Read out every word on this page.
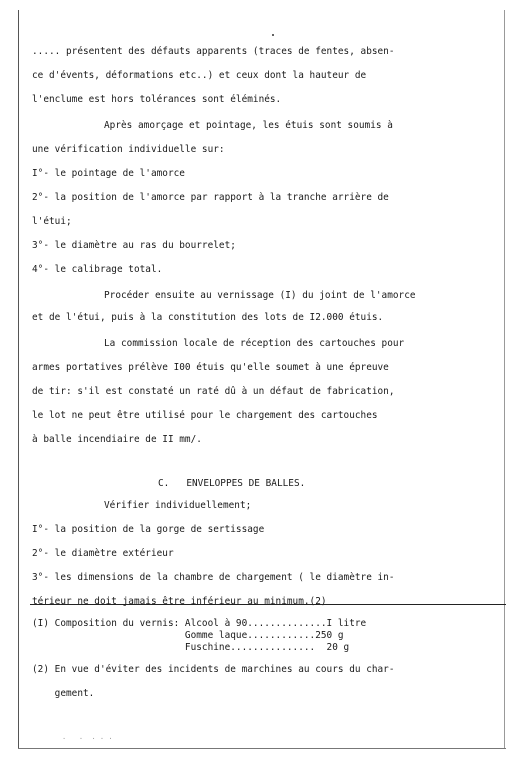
..... présentent des défauts apparents (traces de fentes, absen-
ce d'évents, déformations etc..) et ceux dont la hauteur de
l'enclume est hors tolérances sont éléminés.
Après amorçage et pointage, les étuis sont soumis à
une vérification individuelle sur:
I°- le pointage de l'amorce
2°- la position de l'amorce par rapport à la tranche arrière de
l'étui;
3°- le diamètre au ras du bourrelet;
4°- le calibrage total.
Procéder ensuite au vernissage (I) du joint de l'amorce
et de l'étui, puis à la constitution des lots de I2.000 étuis.
La commission locale de réception des cartouches pour
armes portatives prélève I00 étuis qu'elle soumet à une épreuve
de tir: s'il est constaté un raté dû à un défaut de fabrication,
le lot ne peut être utilisé pour le chargement des cartouches
à balle incendiaire de II mm/.
C.   ENVELOPPES DE BALLES.
Vérifier individuellement;
I°- la position de la gorge de sertissage
2°- le diamètre extérieur
3°- les dimensions de la chambre de chargement ( le diamètre in-
térieur ne doit jamais être inférieur au minimum.(2)
(I) Composition du vernis: Alcool à 90..............I litre
Gomme laque............250 g
Fuschine...............  20 g
(2) En vue d'éviter des incidents de marchines au cours du char-
gement.
·   ·  · · ·
